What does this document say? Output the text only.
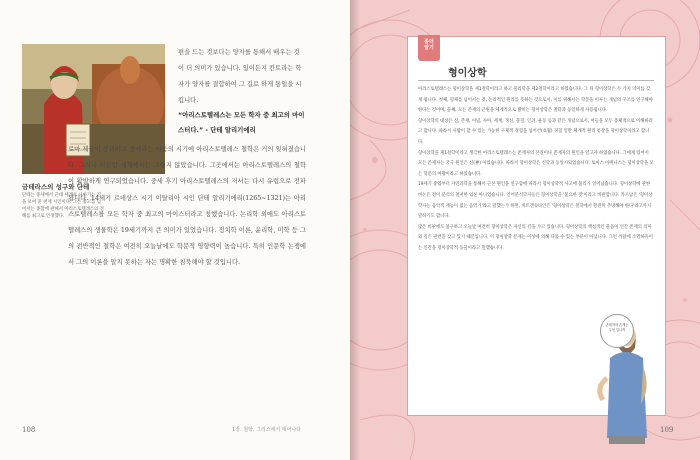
금테라스의 성구와 단테
단테는 중세에서 근대 세계로 나아가는 길을 보여 준 천재 시인이다. 그는 중고를 넘어서는 종합에 관해서 아리스토텔레스의 견해를 최고로 인정했다.
편을 드는 것보다는 양자를 통해서 배우는 것이 더 의미가 있습니다. 일이든지 칸트라는 학자가 양자를 결합하여 그 길로 하게 통일을 시킵니다.
“아리스토텔레스는 모든 학자 중 최고의 마이스터다.” - 단테 알리기에리
로마 제국이 붕괴하고 중세라는 어둠의 시기에 아리스토텔레스 철학은 거의 잊혀졌습니다. 그러나 이슬람 세계에서는 그렇지 않았습니다. 그곳에서는 아리스토텔레스의 철학이 활발하게 연구되었습니다. 중세 후기 아리스토텔레스의 저서는 다시 유럽으로 전파됩니다. 14세기 르네상스 시기 이탈리아 시인 단테 알리기에리(1265~1321)는 아리스토텔레스를 모든 학자 중 최고의 마이스터라고 칭했습니다. 논리학 외에도 아리스토텔레스의 생물학은 19세기까지 큰 의미가 있었습니다. 정치학 이론, 윤리학, 미학 등 그의 전반적인 철학은 여전히 오늘날에도 학문적 영향력이 높습니다. 특히 인문학 논쟁에서 그의 이론을 알지 못하는 자는 명확한 침묵해야 할 것입니다.
108	1장. 철학, 그리스에서 태어나다
좀더
알기
형이상학

아리스토텔레스는 형이상학을 제1철학이라고 하고 물리학을 제2철학이라고 하였습니다. 그 뒤 형이상학은 두 가지 의미를 갖게 됩니다. 첫째, 형체를 넘어서는 것, 논리적인 원리를 뜻하는 것으로서, 이를 위해서는 학문을 이루는 개념의 구조를 연구해야 한다는 것이며, 둘째, 모든 존재의 근원을 체계적으로 밝히는 형이상학은 철학과 동일하게 사용됩니다.

형이상학의 대상은 신, 존재, 이념, 자아, 세계, 정신, 물질, 인과, 운동 등과 같은 개념으로서, 이들을 모두 총체적으로 이해하려고 합니다. 따라서 사람이 할 수 있는 가능한 구체적 경험을 넘어선(초월) 경험 일반 체계적 원리 통찰을 형이상학이라고 합니다.

형이상학을 제1철학이라고 생각한 아리스토텔레스는 존재자의 본질이나 존재자의 원인을 알고자 하였습니다. 그에게 있어서 모든 존재자는 궁극 원인은 신(神) 이었습니다. 따라서 형이상학은 신학과 동일시되었습니다. 토마스 아퀴나스는 형이상학을 모든 학문의 여왕이라고 하였습니다.

19세기 중엽부터 자연과학을 통해서 근본 원인을 연구함에 따라서 형이상학적 사고에 불리가 일어났습니다. 형이상학에 관한 비논은 전이 분석의 철저한 입론 아니었습니다. 언어분석학자들은 형이상학을 '불요한 것'이라고 비판합니다. 카르납은 '형이상학자는 음악적 재능이 없는 음악가'라고 말했는가 하면, 비트겐슈타인은 '형이상학은 철학에서 완전히 추방해야 한다'라고까지 말하기도 합니다.

많은 비판에도 불구하고 오늘날 여전히 형이상학은 자신의 길을 가고 있습니다. 형이상학의 핵심적인 물음이 인간 존재의 의미와 깊은 관련을 갖고 있기 때문입니다. 이 형이상학 문제는 이성에 의해 다룰 수 있는 부분이 아닙니다. 그런 까닭에 소멸하유이는 인간을 형이상학적 동물이라고 말했습니다.

존재자의 존재는 무엇 입니까
109
